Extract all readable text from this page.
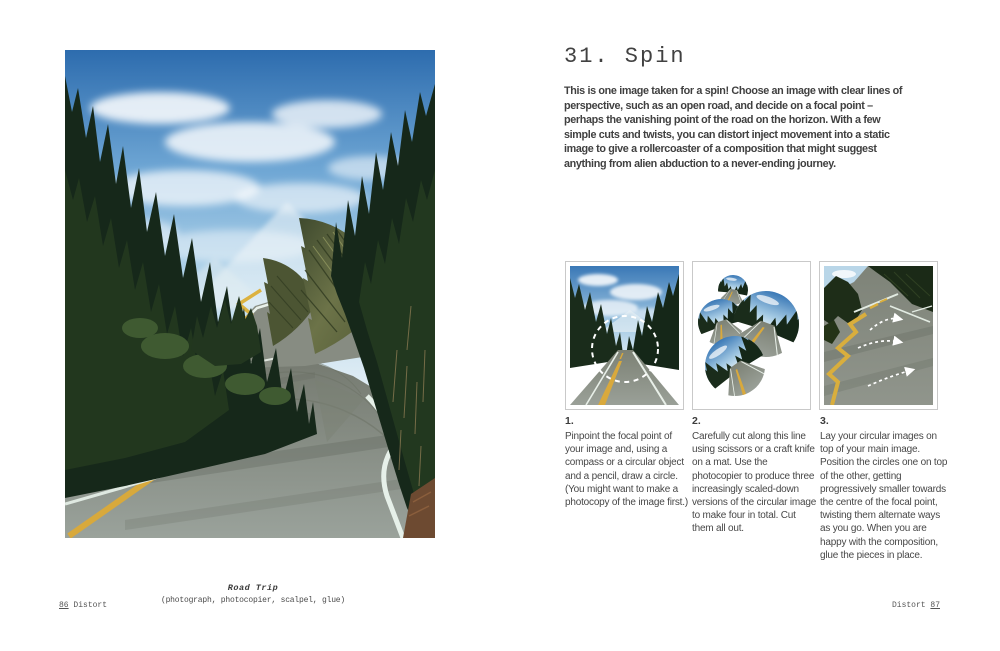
Road Trip
(photograph, photocopier, scalpel, glue)
86 Distort
31. Spin
This is one image taken for a spin! Choose an image with clear lines of perspective, such as an open road, and decide on a focal point – perhaps the vanishing point of the road on the horizon. With a few simple cuts and twists, you can distort inject movement into a static image to give a rollercoaster of a composition that might suggest anything from alien abduction to a never-ending journey.
1.	2.	3.
Pinpoint the focal point of your image and, using a compass or a circular object and a pencil, draw a circle. (You might want to make a photocopy of the image first.)
Carefully cut along this line using scissors or a craft knife on a mat. Use the photocopier to produce three increasingly scaled-down versions of the circular image to make four in total. Cut them all out.
Lay your circular images on top of your main image. Position the circles one on top of the other, getting progressively smaller towards the centre of the focal point, twisting them alternate ways as you go. When you are happy with the composition, glue the pieces in place.
Distort 87
